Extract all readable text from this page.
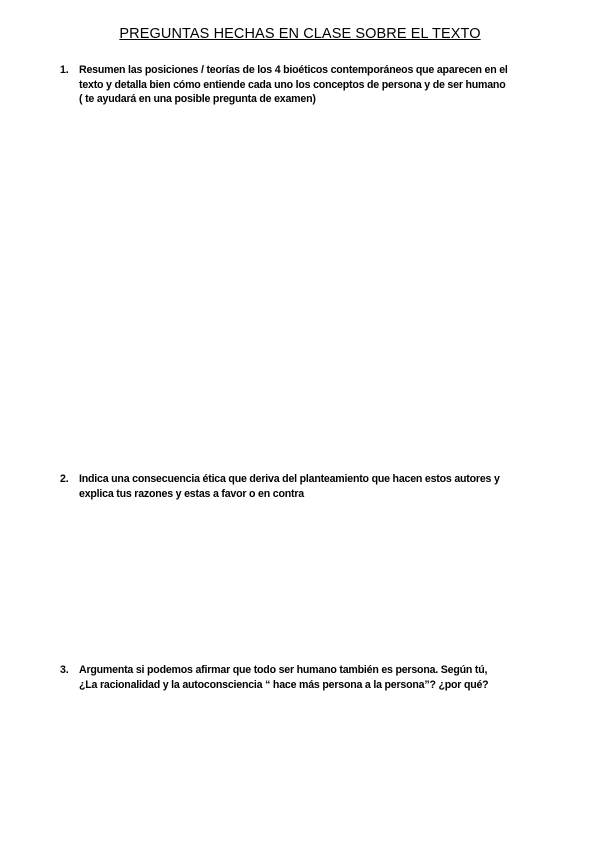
PREGUNTAS HECHAS EN CLASE SOBRE EL TEXTO
1. Resumen las posiciones / teorías de los 4 bioéticos contemporáneos que aparecen en el
texto y detalla bien cómo entiende cada uno los conceptos de persona y de ser humano
( te ayudará en una posible pregunta de examen)
2. Indica una consecuencia ética que deriva del planteamiento que hacen estos autores y
explica tus razones y estas a favor o en contra
3. Argumenta si podemos afirmar que todo ser humano también es persona. Según tú,
¿La racionalidad y la autoconsciencia “ hace más persona a la persona”? ¿por qué?
